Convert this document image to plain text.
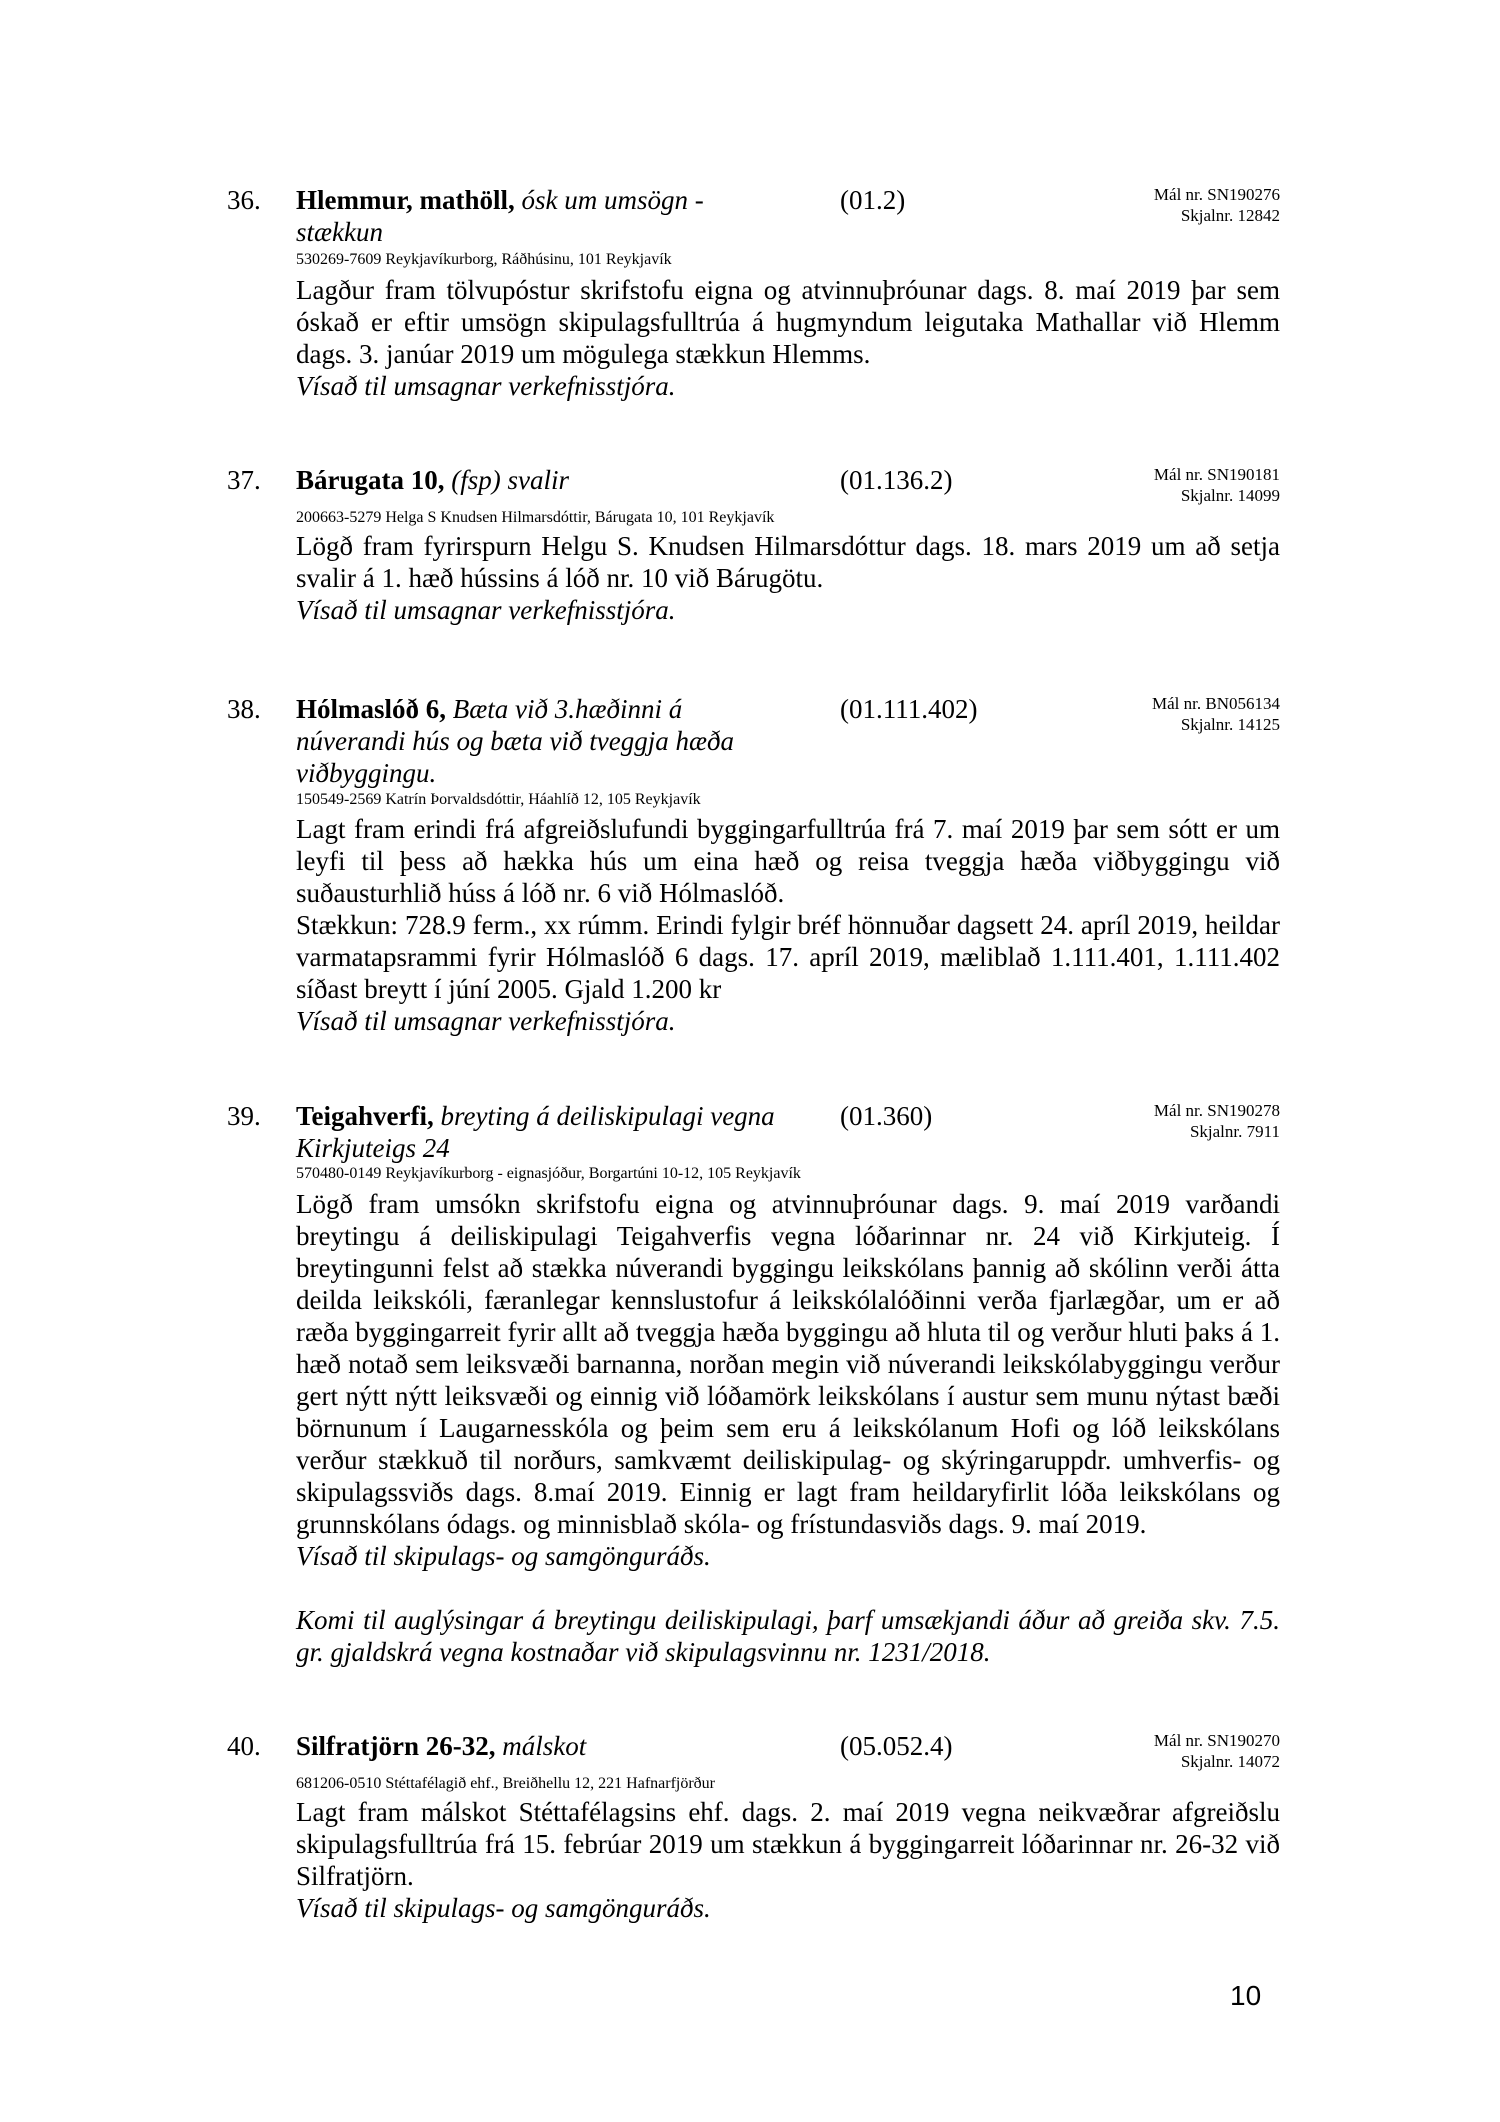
36. Hlemmur, mathöll, ósk um umsögn - stækkun
(01.2)	Mál nr. SN190276
Skjalnr. 12842
530269-7609 Reykjavíkurborg, Ráðhúsinu, 101 Reykjavík

Lagður fram tölvupóstur skrifstofu eigna og atvinnuþróunar dags. 8. maí 2019 þar sem óskað er eftir umsögn skipulagsfulltrúa á hugmyndum leigutaka Mathallar við Hlemm dags. 3. janúar 2019 um mögulega stækkun Hlemms.

Vísað til umsagnar verkefnisstjóra.

37. Bárugata 10, (fsp) svalir	(01.136.2)	Mál nr. SN190181
Skjalnr. 14099
200663-5279 Helga S Knudsen Hilmarsdóttir, Bárugata 10, 101 Reykjavík

Lögð fram fyrirspurn Helgu S. Knudsen Hilmarsdóttur dags. 18. mars 2019 um að setja svalir á 1. hæð hússins á lóð nr. 10 við Bárugötu.

Vísað til umsagnar verkefnisstjóra.

38. Hólmaslóð 6, Bæta við 3.hæðinni á núverandi hús og bæta við tveggja hæða viðbyggingu.
(01.111.402)	Mál nr. BN056134
Skjalnr. 14125
150549-2569 Katrín Þorvaldsdóttir, Háahlíð 12, 105 Reykjavík

Lagt fram erindi frá afgreiðslufundi byggingarfulltrúa frá 7. maí 2019 þar sem sótt er um leyfi til þess að hækka hús um eina hæð og reisa tveggja hæða viðbyggingu við suðausturhlið húss á lóð nr. 6 við Hólmaslóð.

Stækkun: 728.9 ferm., xx rúmm. Erindi fylgir bréf hönnuðar dagsett 24. apríl 2019, heildar varmatapsrammi fyrir Hólmaslóð 6 dags. 17. apríl 2019, mæliblað 1.111.401, 1.111.402 síðast breytt í júní 2005. Gjald 1.200 kr

Vísað til umsagnar verkefnisstjóra.

39. Teigahverfi, breyting á deiliskipulagi vegna Kirkjuteigs 24
(01.360)	Mál nr. SN190278
Skjalnr. 7911
570480-0149 Reykjavíkurborg - eignasjóður, Borgartúni 10-12, 105 Reykjavík

Lögð fram umsókn skrifstofu eigna og atvinnuþróunar dags. 9. maí 2019 varðandi breytingu á deiliskipulagi Teigahverfis vegna lóðarinnar nr. 24 við Kirkjuteig. Í breytingunni felst að stækka núverandi byggingu leikskólans þannig að skólinn verði átta deilda leikskóli, færanlegar kennslustofur á leikskólalóðinni verða fjarlægðar, um er að ræða byggingarreit fyrir allt að tveggja hæða byggingu að hluta til og verður hluti þaks á 1. hæð notað sem leiksvæði barnanna, norðan megin við núverandi leikskólabyggingu verður gert nýtt nýtt leiksvæði og einnig við lóðamörk leikskólans í austur sem munu nýtast bæði börnunum í Laugarnesskóla og þeim sem eru á leikskólanum Hofi og lóð leikskólans verður stækkuð til norðurs, samkvæmt deiliskipulag- og skýringaruppdr. umhverfis- og skipulagssviðs dags. 8.maí 2019. Einnig er lagt fram heildaryfirlit lóða leikskólans og grunnskólans ódags. og minnisblað skóla- og frístundasviðs dags. 9. maí 2019.

Vísað til skipulags- og samgönguráðs.

Komi til auglýsingar á breytingu deiliskipulagi, þarf umsækjandi áður að greiða skv. 7.5. gr. gjaldskrá vegna kostnaðar við skipulagsvinnu nr. 1231/2018.

40. Silfratjörn 26-32, málskot	(05.052.4)	Mál nr. SN190270
Skjalnr. 14072
681206-0510 Stéttafélagið ehf., Breiðhellu 12, 221 Hafnarfjörður

Lagt fram málskot Stéttafélagsins ehf. dags. 2. maí 2019 vegna neikvæðrar afgreiðslu skipulagsfulltrúa frá 15. febrúar 2019 um stækkun á byggingarreit lóðarinnar nr. 26-32 við Silfratjörn.

Vísað til skipulags- og samgönguráðs.

10
